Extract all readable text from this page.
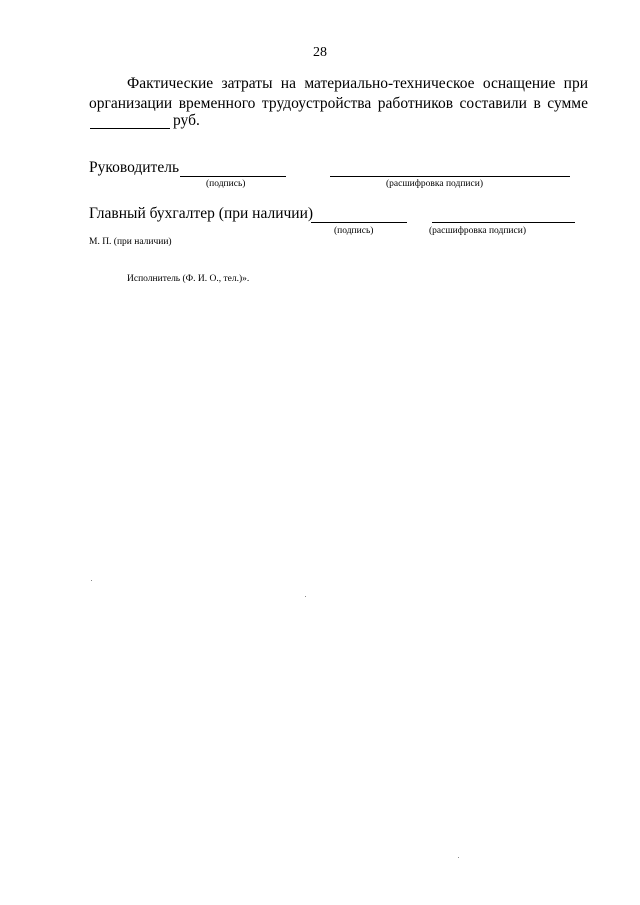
28
Фактические затраты на материально-техническое оснащение при
организации временного трудоустройства работников составили в сумме
руб.
Руководитель
(подпись)	(расшифровка подписи)
Главный бухгалтер (при наличии)
(подпись)	(расшифровка подписи)
М. П. (при наличии)
Исполнитель (Ф. И. О., тел.)».
